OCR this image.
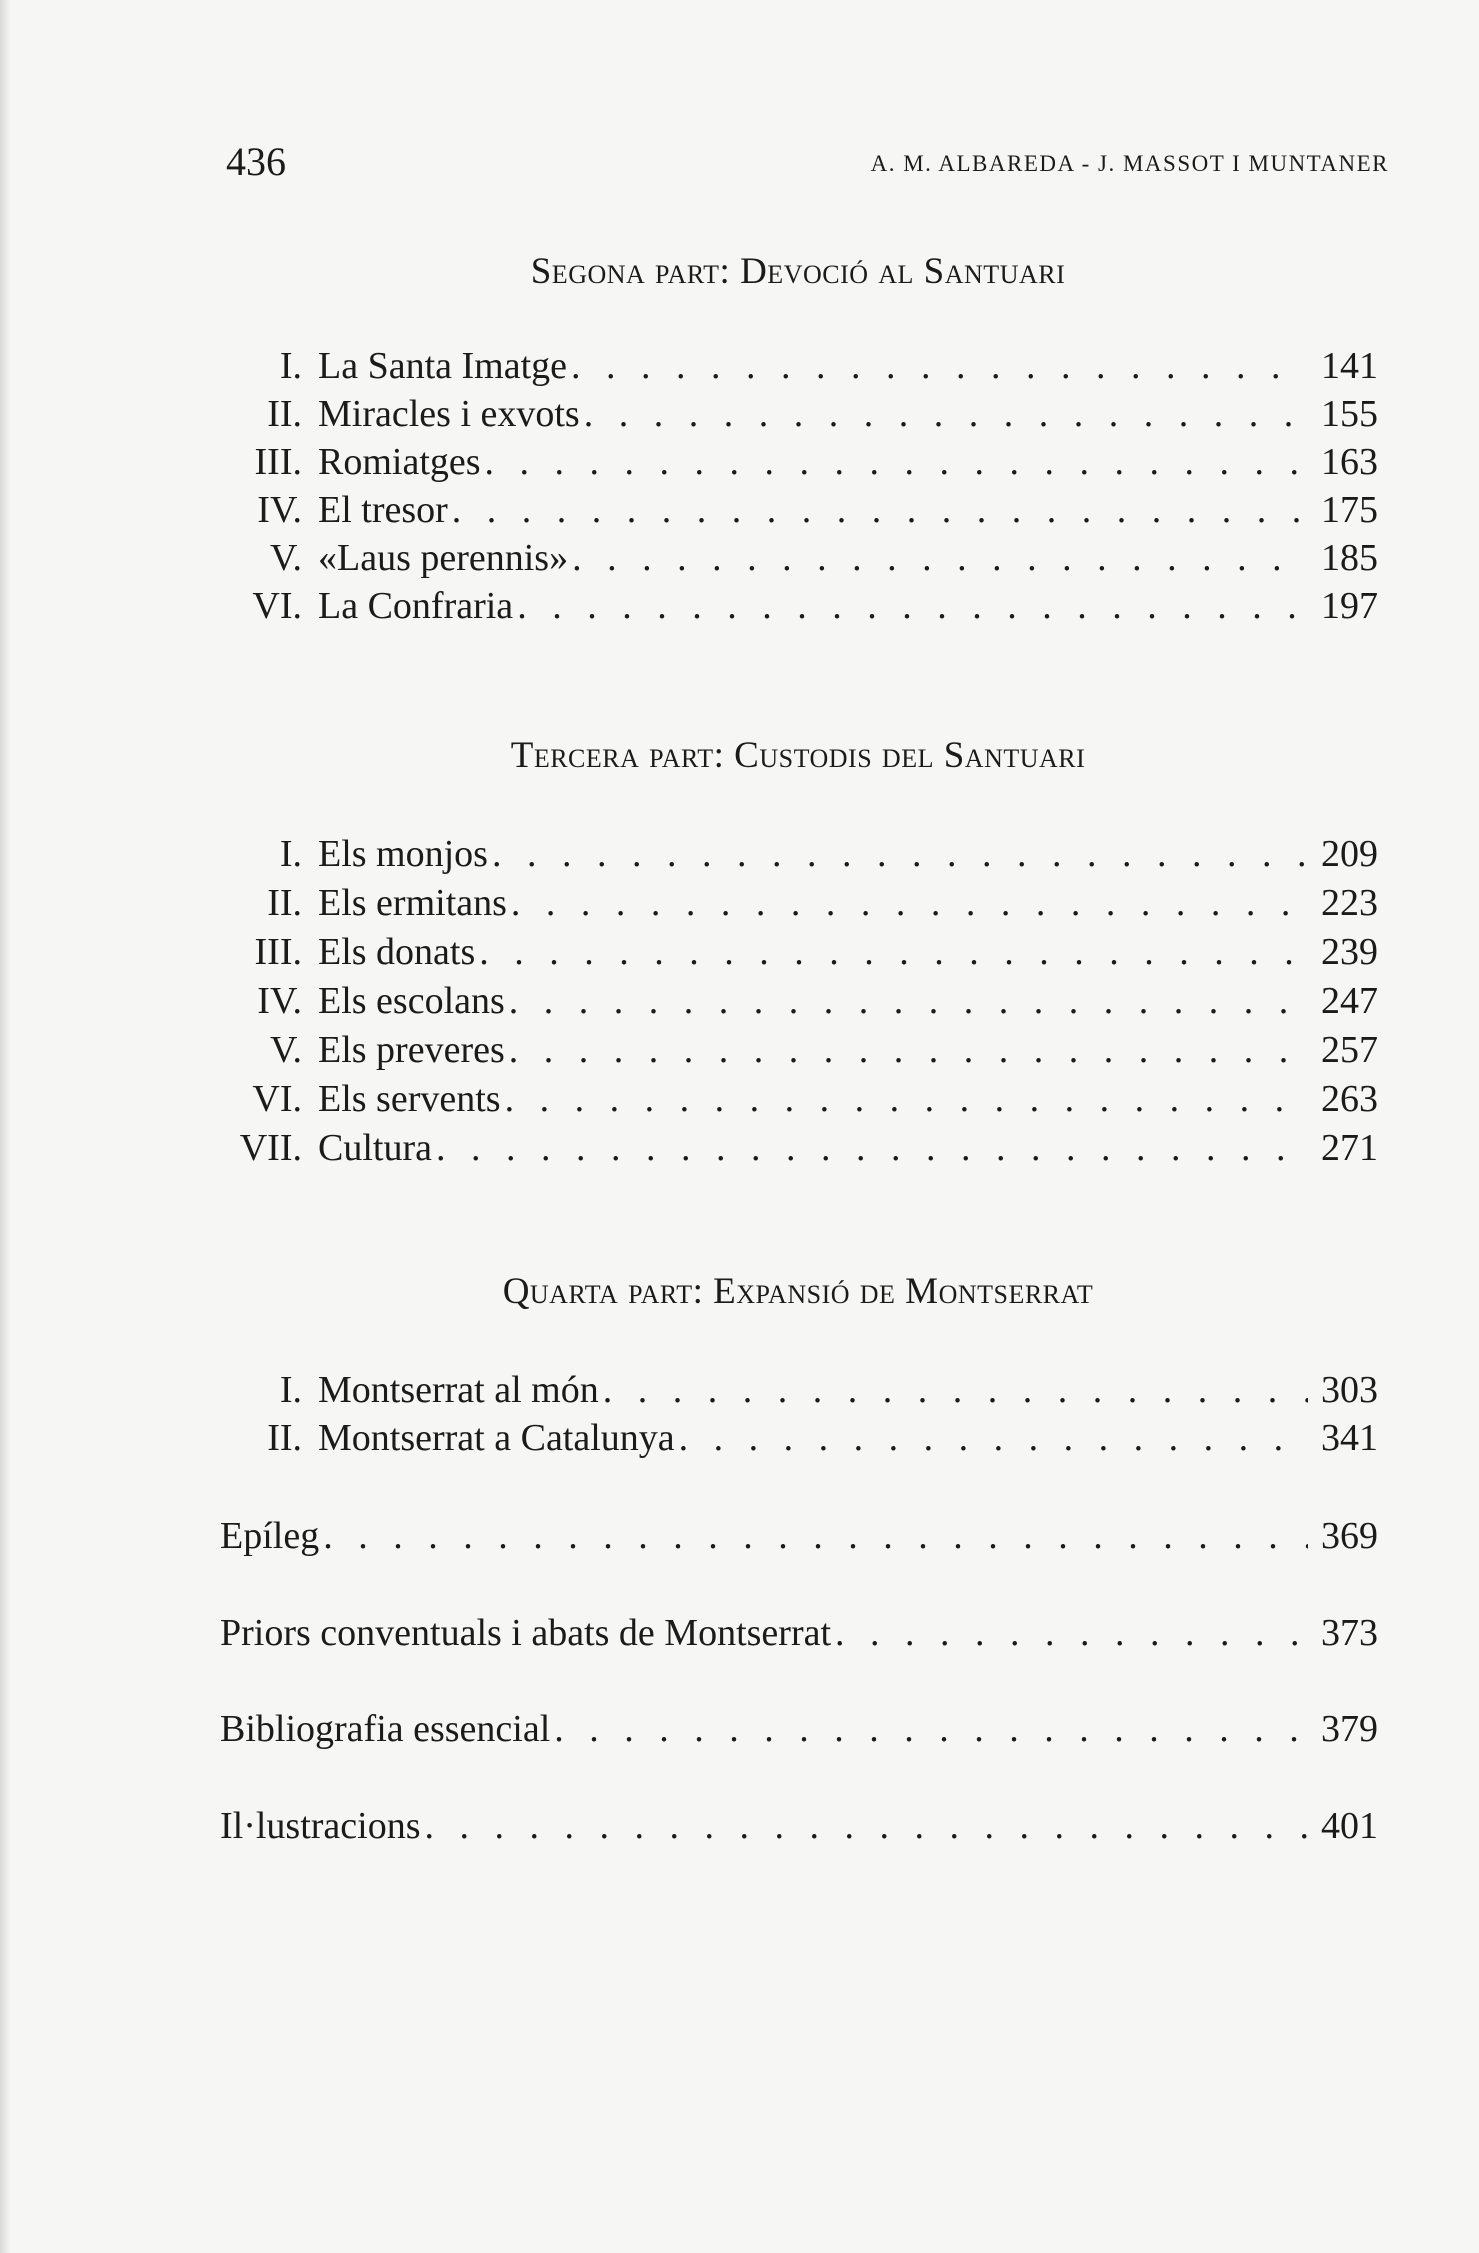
436	A. M. ALBAREDA - J. MASSOT I MUNTANER
Segona part: Devoció al Santuari
I. La Santa Imatge . . .	141
II. Miracles i exvots . . .	155
III. Romiatges . . .	163
IV. El tresor . . .	175
V. «Laus perennis» . . .	185
VI. La Confraria . . .	197
Tercera part: Custodis del Santuari
I. Els monjos . . .	209
II. Els ermitans . . .	223
III. Els donats . . .	239
IV. Els escolans . . .	247
V. Els preveres . . .	257
VI. Els servents . . .	263
VII. Cultura . . .	271
Quarta part: Expansió de Montserrat
I. Montserrat al món . . .	303
II. Montserrat a Catalunya . . .	341
Epíleg . . .	369
Priors conventuals i abats de Montserrat . . .	373
Bibliografia essencial . . .	379
Il·lustracions . . .	401
